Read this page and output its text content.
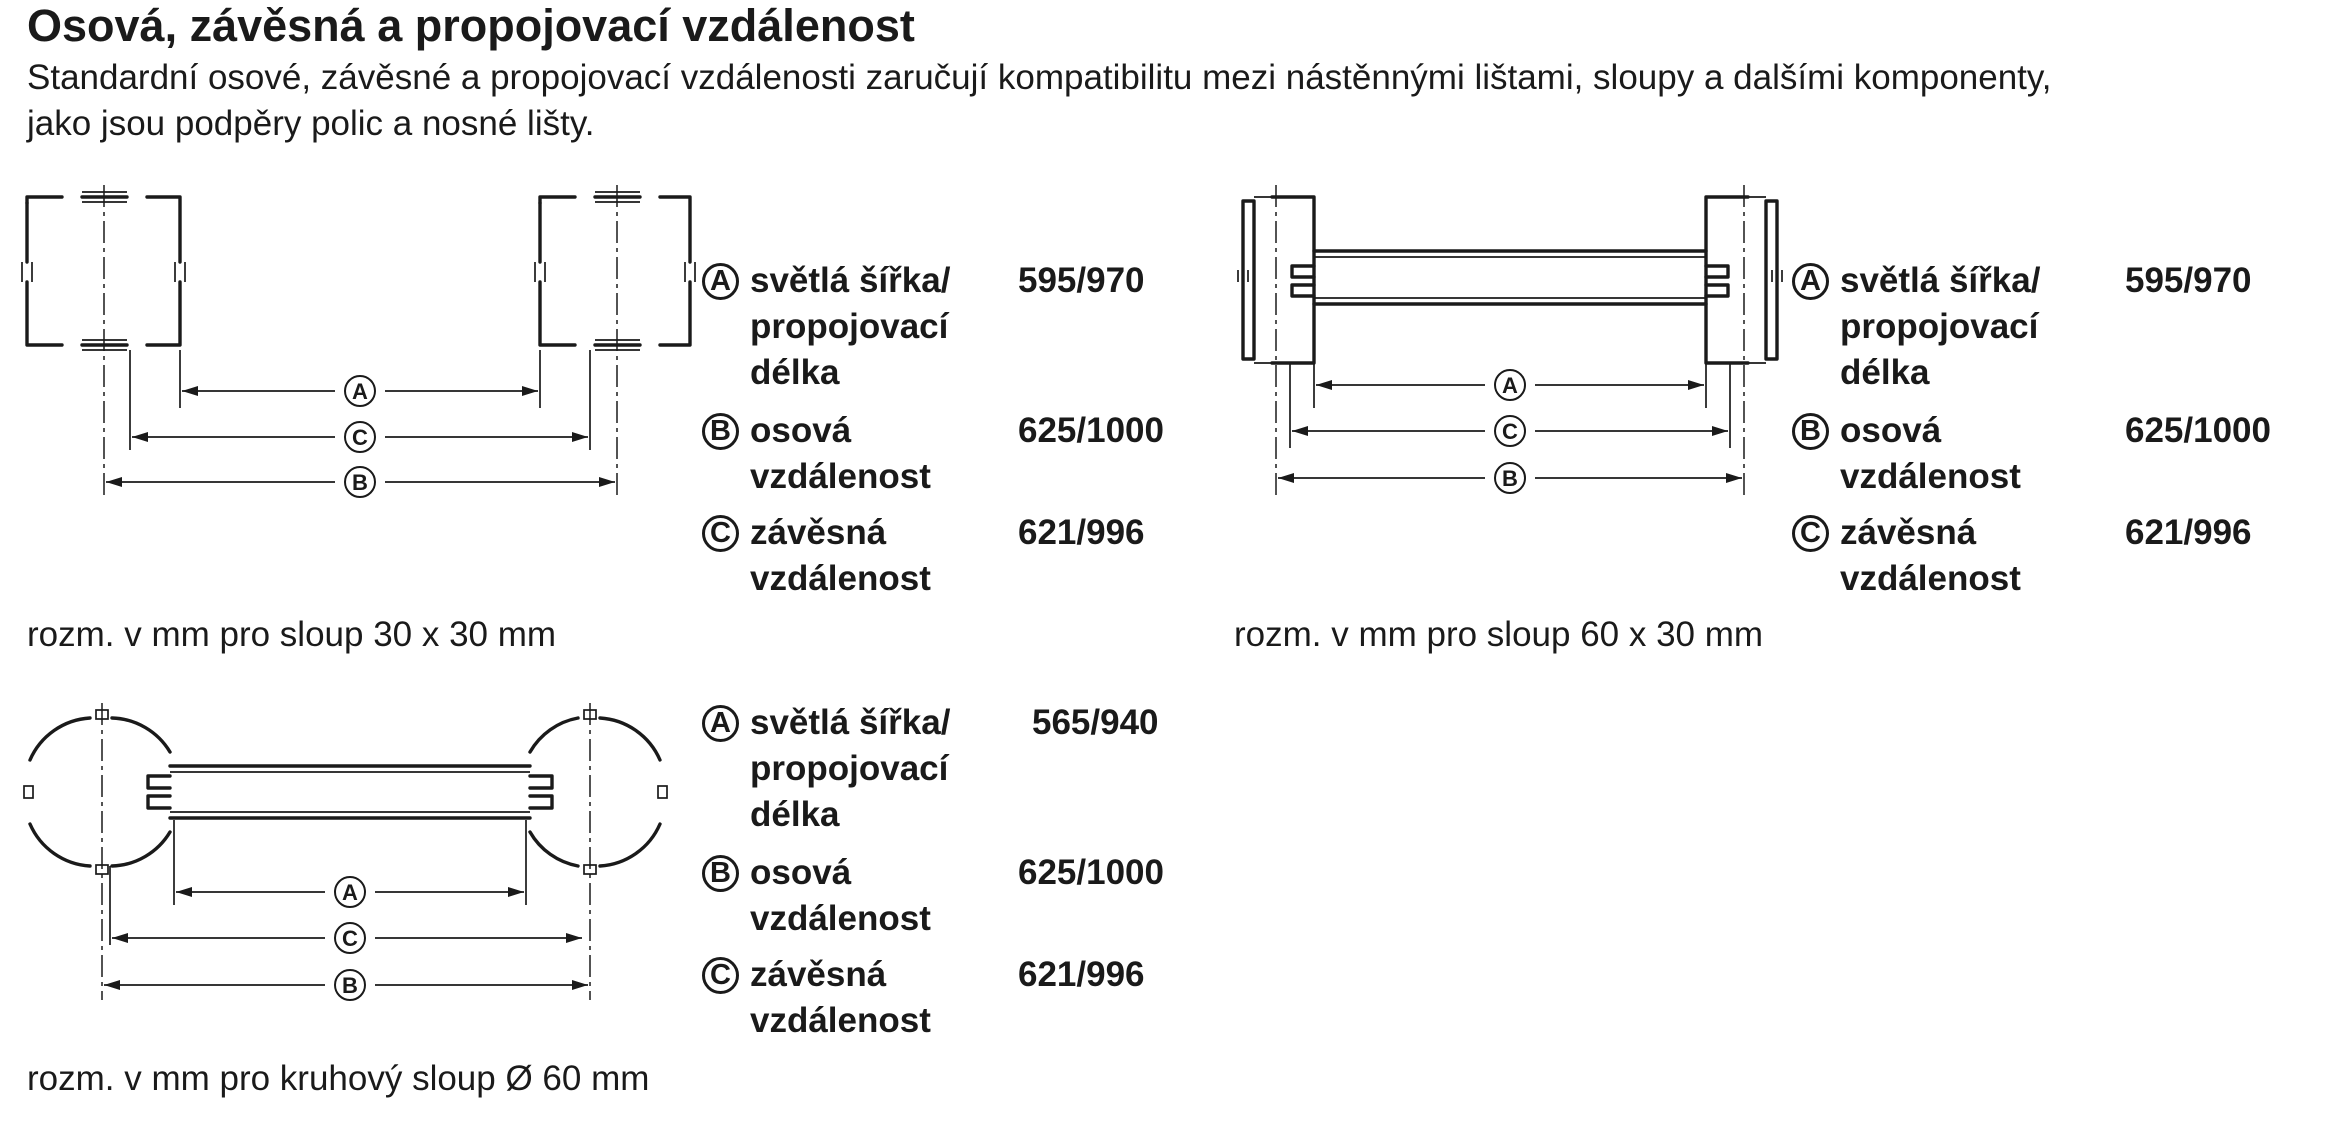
Osová, závěsná a propojovací vzdálenost
Standardní osové, závěsné a propojovací vzdálenosti zaručují kompatibilitu mezi nástěnnými lištami, sloupy a dalšími komponenty,
jako jsou podpěry polic a nosné lišty.
A
C
B
A světlá šířka/
propojovací
délka
595/970
B osová
vzdálenost
625/1000
C závěsná
vzdálenost
621/996
rozm. v mm pro sloup 30 x 30 mm
A
C
B
A světlá šířka/
propojovací
délka
595/970
B osová
vzdálenost
625/1000
C závěsná
vzdálenost
621/996
rozm. v mm pro sloup 60 x 30 mm
A
C
B
A světlá šířka/
propojovací
délka
565/940
B osová
vzdálenost
625/1000
C závěsná
vzdálenost
621/996
rozm. v mm pro kruhový sloup Ø 60 mm
